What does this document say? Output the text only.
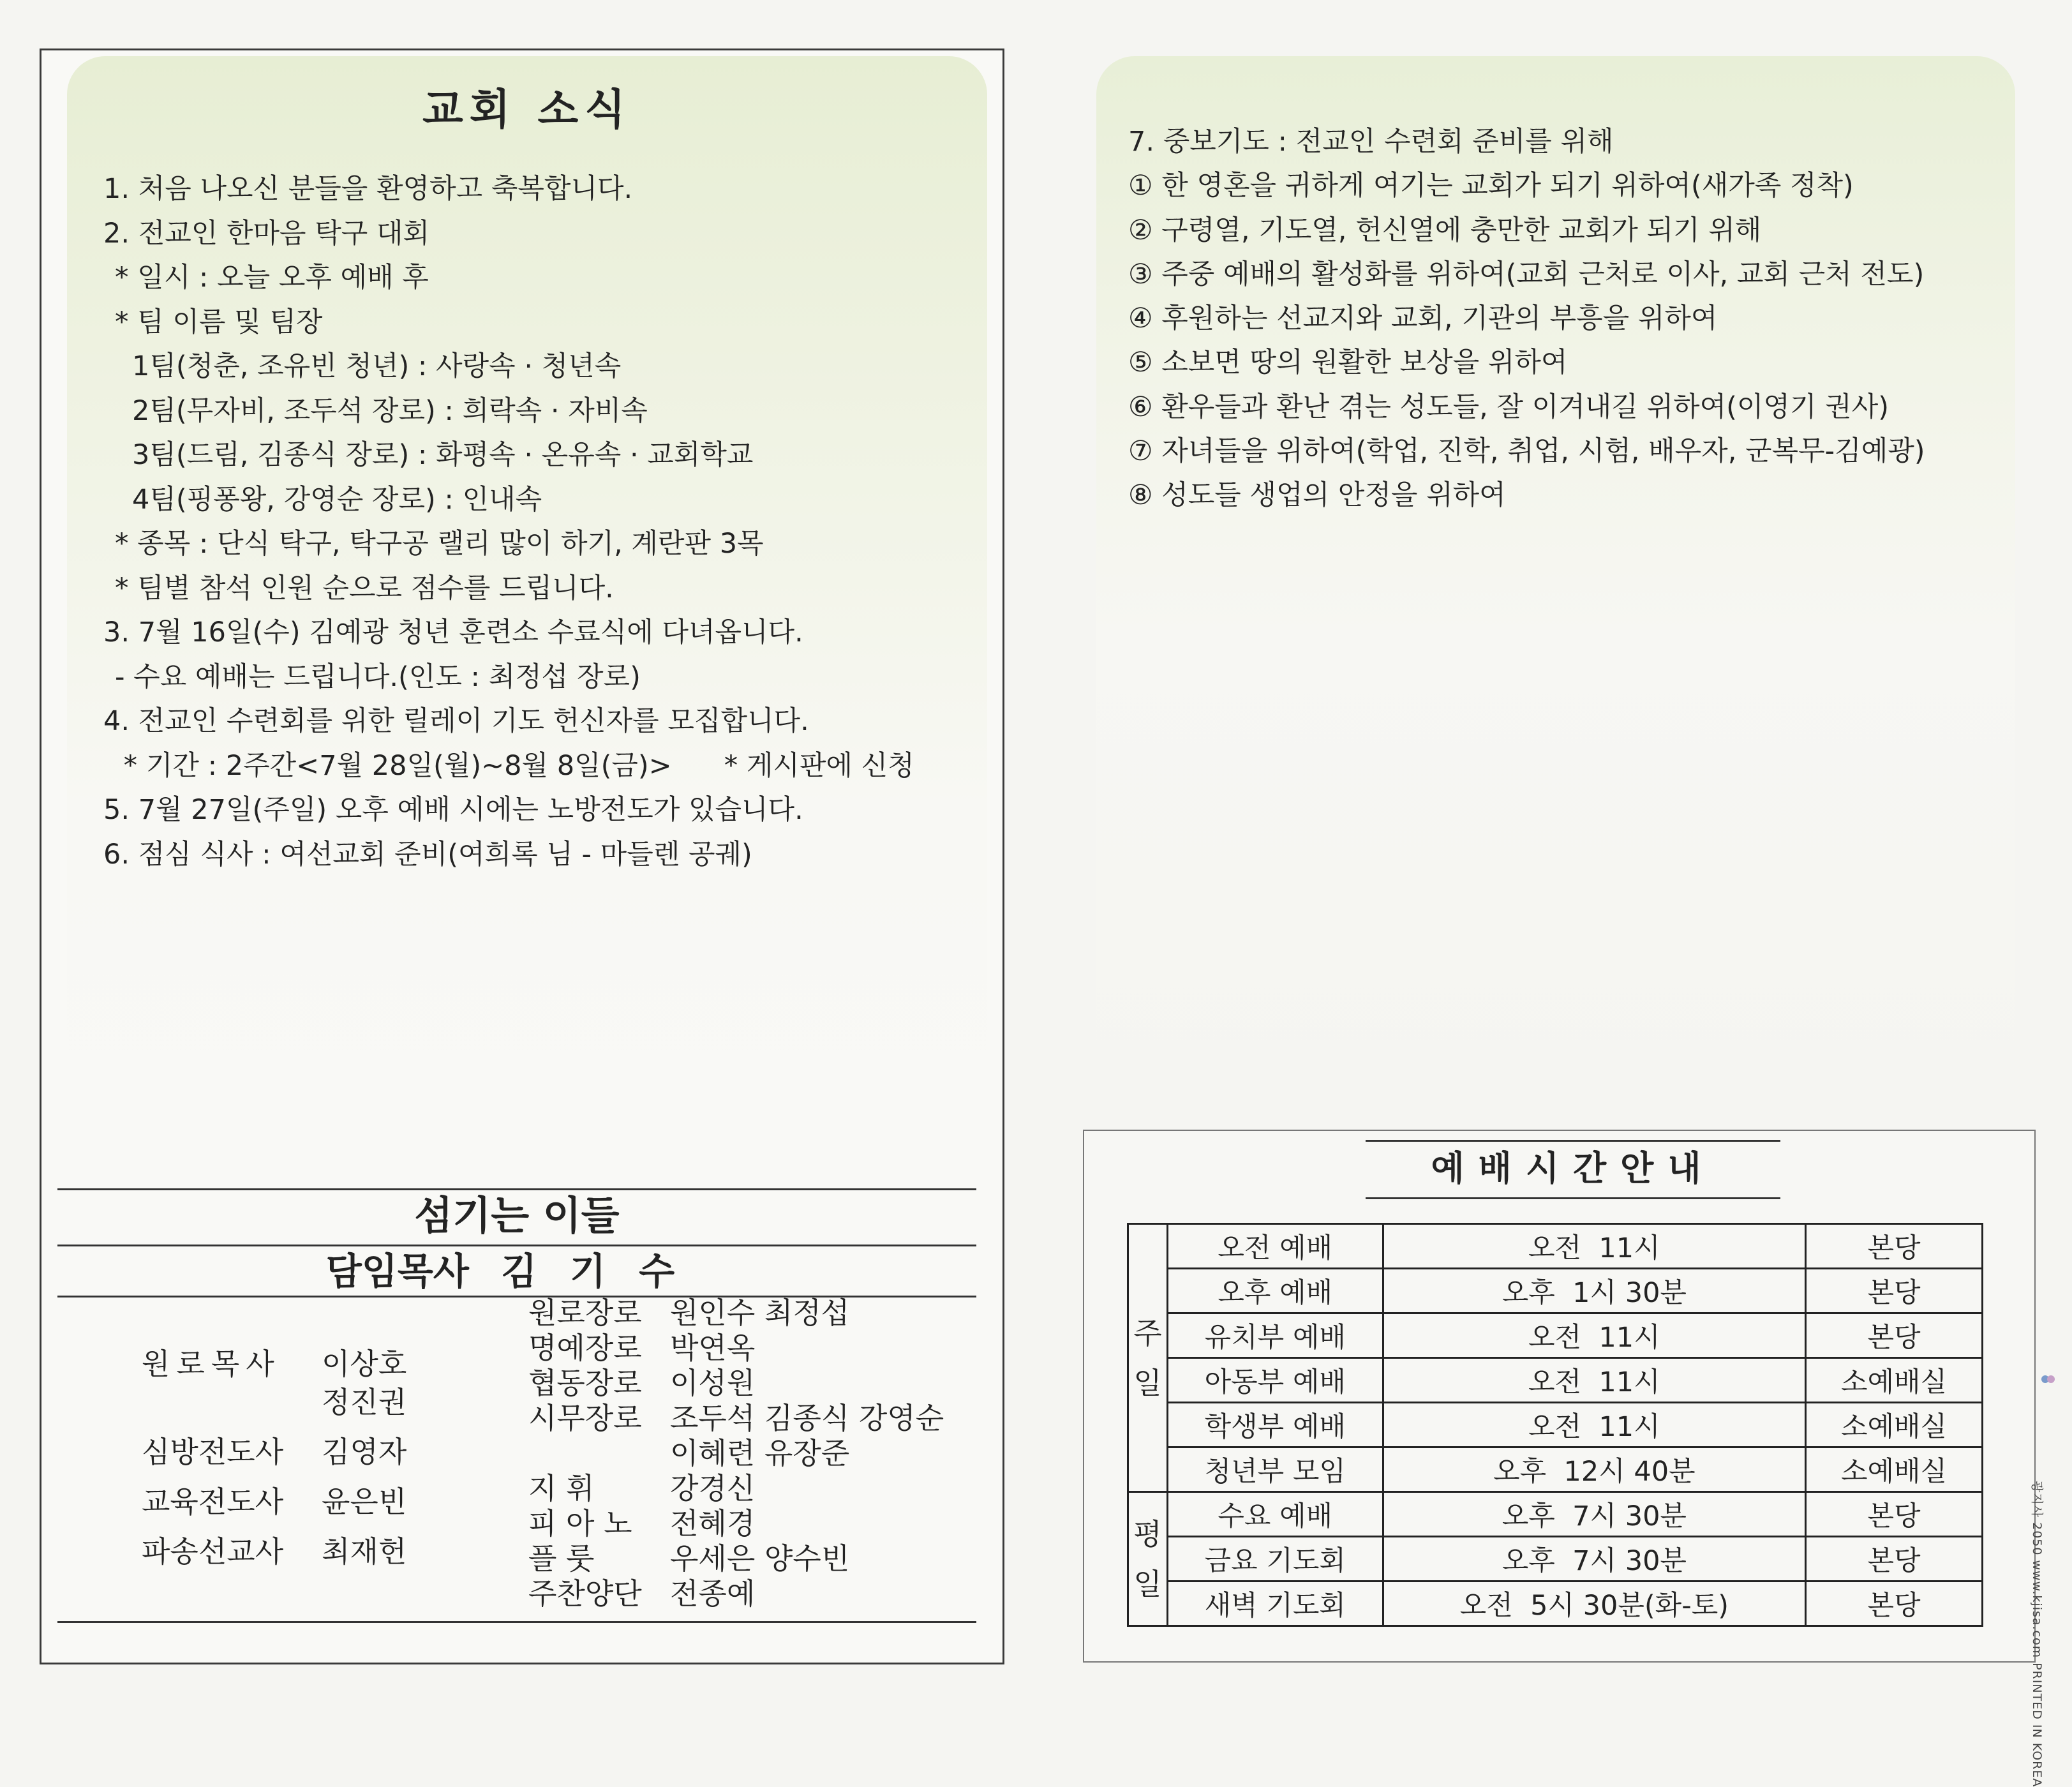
교회 소식
1. 처음 나오신 분들을 환영하고 축복합니다.
2. 전교인 한마음 탁구 대회
* 일시 : 오늘 오후 예배 후
* 팀 이름 및 팀장
1팀(청춘, 조유빈 청년) : 사랑속 · 청년속
2팀(무자비, 조두석 장로) : 희락속 · 자비속
3팀(드림, 김종식 장로) : 화평속 · 온유속 · 교회학교
4팀(핑퐁왕, 강영순 장로) : 인내속
* 종목 : 단식 탁구, 탁구공 랠리 많이 하기, 계란판 3목
* 팀별 참석 인원 순으로 점수를 드립니다.
3. 7월 16일(수) 김예광 청년 훈련소 수료식에 다녀옵니다.
- 수요 예배는 드립니다.(인도 : 최정섭 장로)
4. 전교인 수련회를 위한 릴레이 기도 헌신자를 모집합니다.
* 기간 : 2주간<7월 28일(월)~8월 8일(금)>      * 게시판에 신청
5. 7월 27일(주일) 오후 예배 시에는 노방전도가 있습니다.
6. 점심 식사 : 여선교회 준비(여희록 님 - 마들렌 공궤)
섬기는 이들
담임목사 김기수
원로목사 이상호
정진권
심방전도사 김영자
교육전도사 윤은빈
파송선교사 최재헌
원로장로 원인수 최정섭
명예장로 박연옥
협동장로 이성원
시무장로 조두석 김종식 강영순
이혜련 유장준
지 휘	강경신
피 아 노 전혜경
플 룻	우세은 양수빈
주찬양단 전종예
7. 중보기도 : 전교인 수련회 준비를 위해
① 한 영혼을 귀하게 여기는 교회가 되기 위하여(새가족 정착)
② 구령열, 기도열, 헌신열에 충만한 교회가 되기 위해
③ 주중 예배의 활성화를 위하여(교회 근처로 이사, 교회 근처 전도)
④ 후원하는 선교지와 교회, 기관의 부흥을 위하여
⑤ 소보면 땅의 원활한 보상을 위하여
⑥ 환우들과 환난 겪는 성도들, 잘 이겨내길 위하여(이영기 권사)
⑦ 자녀들을 위하여(학업, 진학, 취업, 시험, 배우자, 군복무-김예광)
⑧ 성도들 생업의 안정을 위하여
예배시간안내
주
일	오전 예배	오전  11시	본당
	오후 예배	오후  1시 30분	본당
	유치부 예배	오전  11시	본당
	아동부 예배	오전  11시	소예배실
	학생부 예배	오전  11시	소예배실
	청년부 모임	오후  12시 40분	소예배실
평
일	수요 예배	오후  7시 30분	본당
	금요 기도회	오후  7시 30분	본당
	새벽 기도회	오전  5시 30분(화-토)	본당	광지사 2050 www.kjisa.com PRINTED IN KOREA
